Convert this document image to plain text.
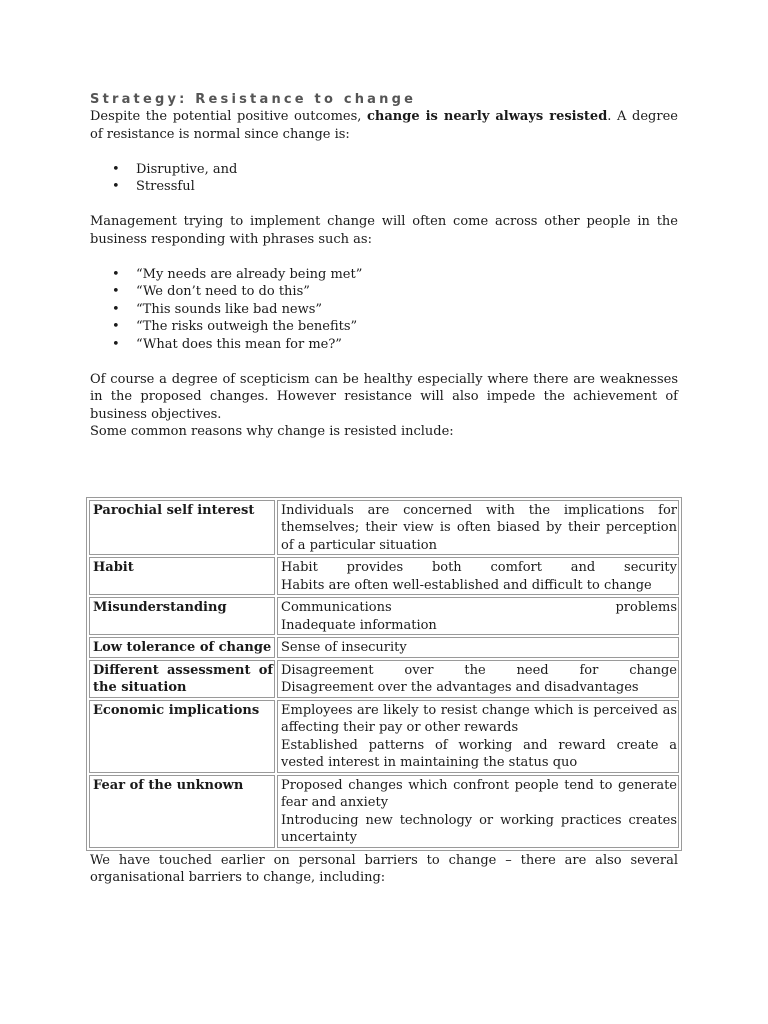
Strategy: Resistance to change

Despite the potential positive outcomes, change is nearly always resisted. A degree of resistance is normal since change is:

• Disruptive, and
• Stressful

Management trying to implement change will often come across other people in the business responding with phrases such as:

• “My needs are already being met”
• “We don’t need to do this”
• “This sounds like bad news”
• “The risks outweigh the benefits”
• “What does this mean for me?”

Of course a degree of scepticism can be healthy especially where there are weaknesses in the proposed changes. However resistance will also impede the achievement of business objectives.

Some common reasons why change is resisted include:

Parochial self interest	Individuals are concerned with the implications for themselves; their view is often biased by their perception of a particular situation

Habit	Habit provides both comfort and security
Habits are often well-established and difficult to change

Misunderstanding	Communications problems
Inadequate information

Low tolerance of change	Sense of insecurity

Different assessment of the situation	Disagreement over the need for change
Disagreement over the advantages and disadvantages

Economic implications	Employees are likely to resist change which is perceived as affecting their pay or other rewards
Established patterns of working and reward create a vested interest in maintaining the status quo

Fear of the unknown	Proposed changes which confront people tend to generate fear and anxiety
Introducing new technology or working practices creates uncertainty

We have touched earlier on personal barriers to change – there are also several organisational barriers to change, including:
